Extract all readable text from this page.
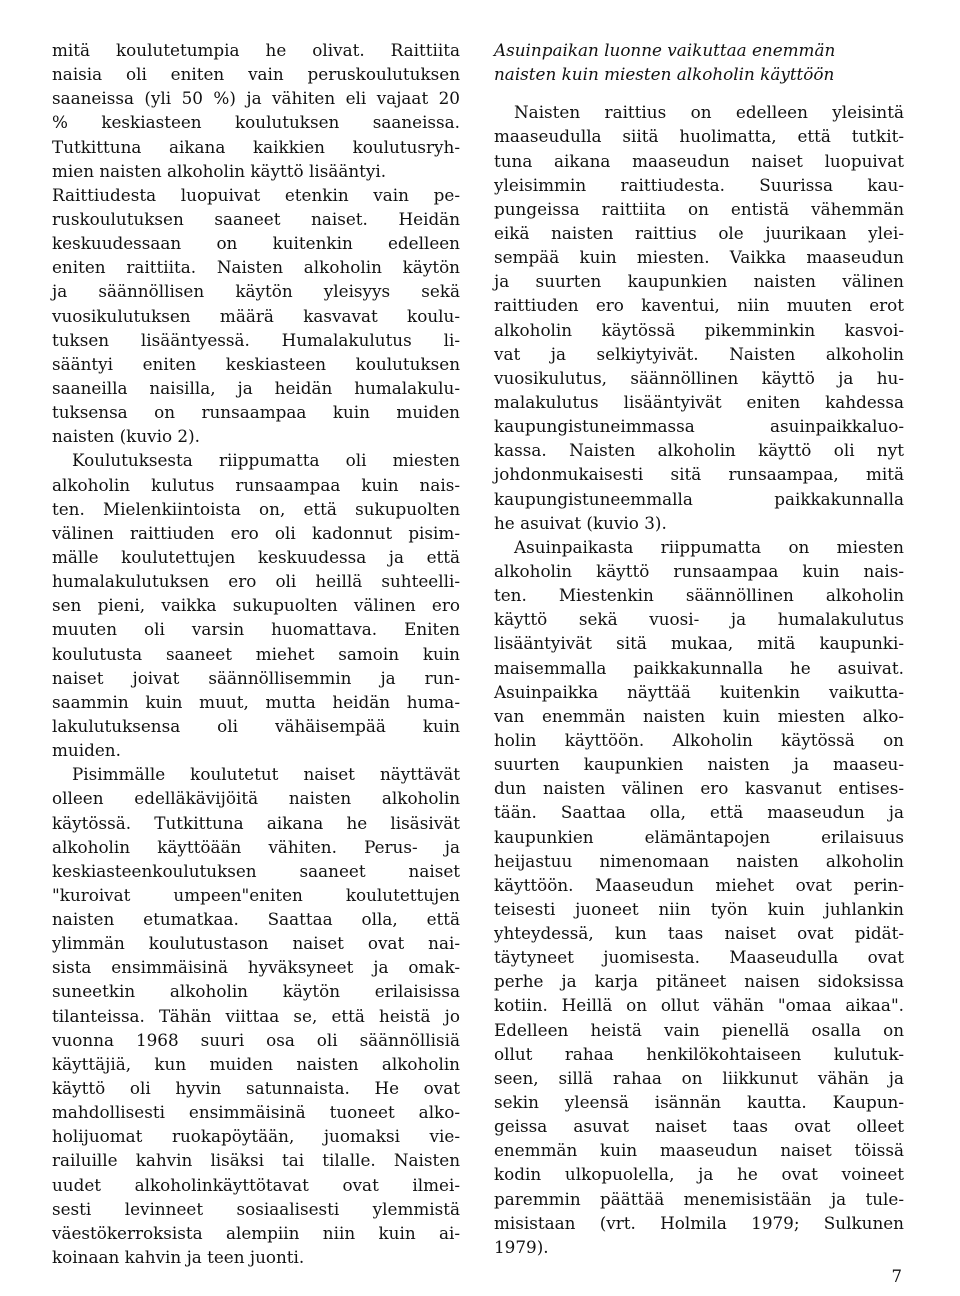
mitä koulutetumpia he olivat. Raittiita
naisia oli eniten vain peruskoulutuksen
saaneissa (yli 50 %) ja vähiten eli vajaat 20
% keskiasteen koulutuksen saaneissa.
Tutkittuna aikana kaikkien koulutusryh-
mien naisten alkoholin käyttö lisääntyi.
Raittiudesta luopuivat etenkin vain pe-
ruskoulutuksen saaneet naiset. Heidän
keskuudessaan on kuitenkin edelleen
eniten raittiita. Naisten alkoholin käytön
ja säännöllisen käytön yleisyys sekä
vuosikulutuksen määrä kasvavat koulu-
tuksen lisääntyessä. Humalakulutus li-
sääntyi eniten keskiasteen koulutuksen
saaneilla naisilla, ja heidän humalakulu-
tuksensa on runsaampaa kuin muiden
naisten (kuvio 2).
Koulutuksesta riippumatta oli miesten
alkoholin kulutus runsaampaa kuin nais-
ten. Mielenkiintoista on, että sukupuolten
välinen raittiuden ero oli kadonnut pisim-
mälle koulutettujen keskuudessa ja että
humalakulutuksen ero oli heillä suhteelli-
sen pieni, vaikka sukupuolten välinen ero
muuten oli varsin huomattava. Eniten
koulutusta saaneet miehet samoin kuin
naiset joivat säännöllisemmin ja run-
saammin kuin muut, mutta heidän huma-
lakulutuksensa oli vähäisempää kuin
muiden.
Pisimmälle koulutetut naiset näyttävät
olleen edelläkävijöitä naisten alkoholin
käytössä. Tutkittuna aikana he lisäsivät
alkoholin käyttöään vähiten. Perus- ja
keskiasteenkoulutuksen saaneet naiset
"kuroivat umpeen"eniten koulutettujen
naisten etumatkaa. Saattaa olla, että
ylimmän koulutustason naiset ovat nai-
sista ensimmäisinä hyväksyneet ja omak-
suneetkin alkoholin käytön erilaisissa
tilanteissa. Tähän viittaa se, että heistä jo
vuonna 1968 suuri osa oli säännöllisiä
käyttäjiä, kun muiden naisten alkoholin
käyttö oli hyvin satunnaista. He ovat
mahdollisesti ensimmäisinä tuoneet alko-
holijuomat ruokapöytään, juomaksi vie-
railuille kahvin lisäksi tai tilalle. Naisten
uudet alkoholinkäyttötavat ovat ilmei-
sesti levinneet sosiaalisesti ylemmistä
väestökerroksista alempiin niin kuin ai-
koinaan kahvin ja teen juonti.
Asuinpaikan luonne vaikuttaa enemmän
naisten kuin miesten alkoholin käyttöön
Naisten raittius on edelleen yleisintä
maaseudulla siitä huolimatta, että tutkit-
tuna aikana maaseudun naiset luopuivat
yleisimmin raittiudesta. Suurissa kau-
pungeissa raittiita on entistä vähemmän
eikä naisten raittius ole juurikaan ylei-
sempää kuin miesten. Vaikka maaseudun
ja suurten kaupunkien naisten välinen
raittiuden ero kaventui, niin muuten erot
alkoholin käytössä pikemminkin kasvoi-
vat ja selkiytyivät. Naisten alkoholin
vuosikulutus, säännöllinen käyttö ja hu-
malakulutus lisääntyivät eniten kahdessa
kaupungistuneimmassa asuinpaikkaluo-
kassa. Naisten alkoholin käyttö oli nyt
johdonmukaisesti sitä runsaampaa, mitä
kaupungistuneemmalla paikkakunnalla
he asuivat (kuvio 3).
Asuinpaikasta riippumatta on miesten
alkoholin käyttö runsaampaa kuin nais-
ten. Miestenkin säännöllinen alkoholin
käyttö sekä vuosi- ja humalakulutus
lisääntyivät sitä mukaa, mitä kaupunki-
maisemmalla paikkakunnalla he asuivat.
Asuinpaikka näyttää kuitenkin vaikutta-
van enemmän naisten kuin miesten alko-
holin käyttöön. Alkoholin käytössä on
suurten kaupunkien naisten ja maaseu-
dun naisten välinen ero kasvanut entises-
tään. Saattaa olla, että maaseudun ja
kaupunkien elämäntapojen erilaisuus
heijastuu nimenomaan naisten alkoholin
käyttöön. Maaseudun miehet ovat perin-
teisesti juoneet niin työn kuin juhlankin
yhteydessä, kun taas naiset ovat pidät-
täytyneet juomisesta. Maaseudulla ovat
perhe ja karja pitäneet naisen sidoksissa
kotiin. Heillä on ollut vähän "omaa aikaa".
Edelleen heistä vain pienellä osalla on
ollut rahaa henkilökohtaiseen kulutuk-
seen, sillä rahaa on liikkunut vähän ja
sekin yleensä isännän kautta. Kaupun-
geissa asuvat naiset taas ovat olleet
enemmän kuin maaseudun naiset töissä
kodin ulkopuolella, ja he ovat voineet
paremmin päättää menemisistään ja tule-
misistaan (vrt. Holmila 1979; Sulkunen
1979).
7
